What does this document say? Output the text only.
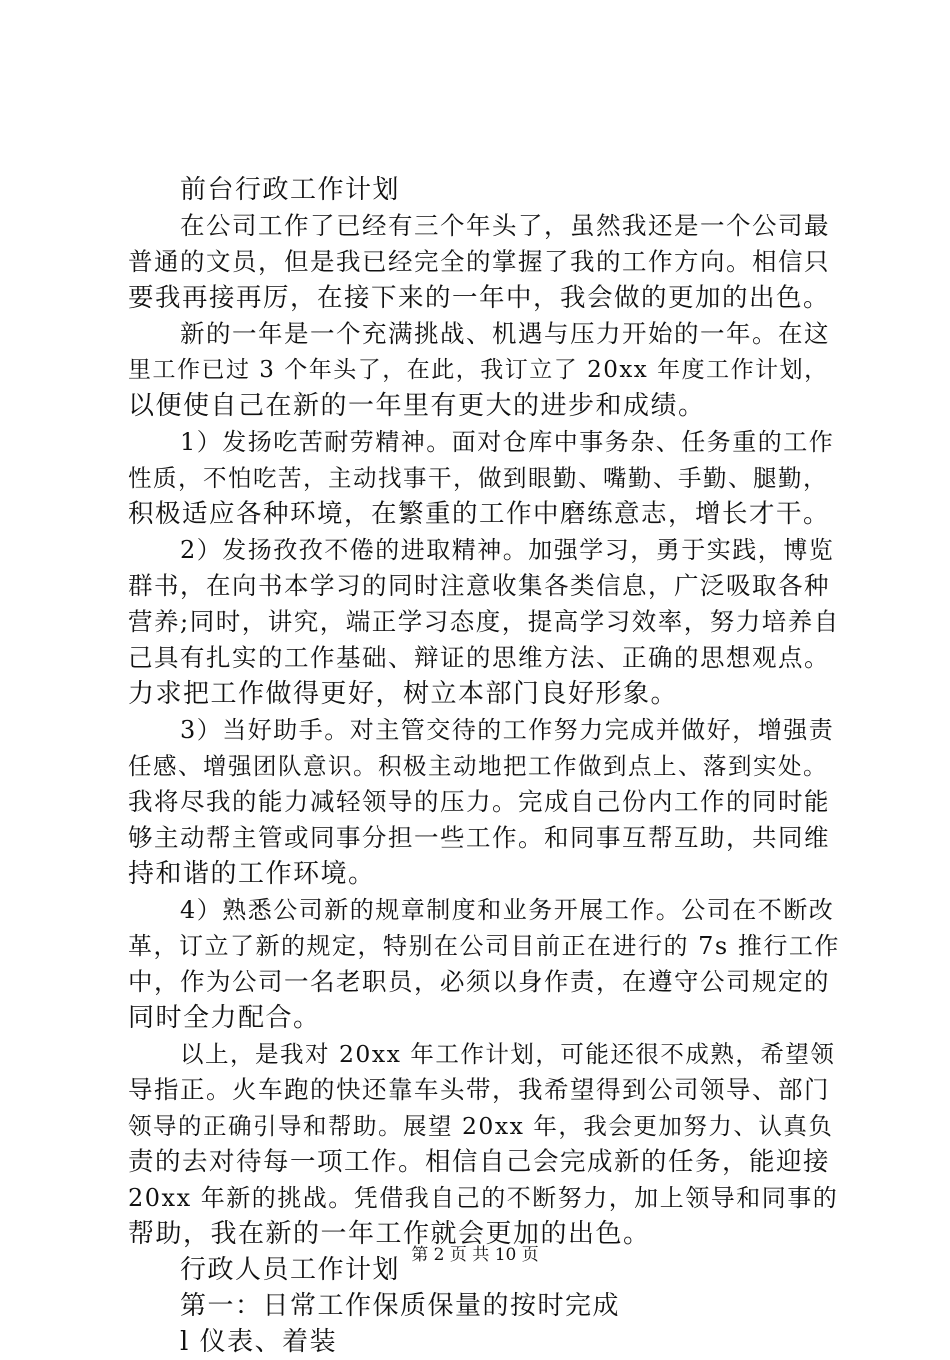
前台行政工作计划
在公司工作了已经有三个年头了，虽然我还是一个公司最
普通的文员，但是我已经完全的掌握了我的工作方向。相信只
要我再接再厉，在接下来的一年中，我会做的更加的出色。
新的一年是一个充满挑战、机遇与压力开始的一年。在这
里工作已过 3 个年头了，在此，我订立了 20xx 年度工作计划，
以便使自己在新的一年里有更大的进步和成绩。
1）发扬吃苦耐劳精神。面对仓库中事务杂、任务重的工作
性质，不怕吃苦，主动找事干，做到眼勤、嘴勤、手勤、腿勤，
积极适应各种环境，在繁重的工作中磨练意志，增长才干。
2）发扬孜孜不倦的进取精神。加强学习，勇于实践，博览
群书，在向书本学习的同时注意收集各类信息，广泛吸取各种
营养;同时，讲究，端正学习态度，提高学习效率，努力培养自
己具有扎实的工作基础、辩证的思维方法、正确的思想观点。
力求把工作做得更好，树立本部门良好形象。
3）当好助手。对主管交待的工作努力完成并做好，增强责
任感、增强团队意识。积极主动地把工作做到点上、落到实处。
我将尽我的能力减轻领导的压力。完成自己份内工作的同时能
够主动帮主管或同事分担一些工作。和同事互帮互助，共同维
持和谐的工作环境。
4）熟悉公司新的规章制度和业务开展工作。公司在不断改
革，订立了新的规定，特别在公司目前正在进行的 7s 推行工作
中，作为公司一名老职员，必须以身作责，在遵守公司规定的
同时全力配合。
以上，是我对 20xx 年工作计划，可能还很不成熟，希望领
导指正。火车跑的快还靠车头带，我希望得到公司领导、部门
领导的正确引导和帮助。展望 20xx 年，我会更加努力、认真负
责的去对待每一项工作。相信自己会完成新的任务，能迎接
20xx 年新的挑战。凭借我自己的不断努力，加上领导和同事的
帮助，我在新的一年工作就会更加的出色。
行政人员工作计划
第一：日常工作保质保量的按时完成
l 仪表、着装
第 2 页 共 10 页
